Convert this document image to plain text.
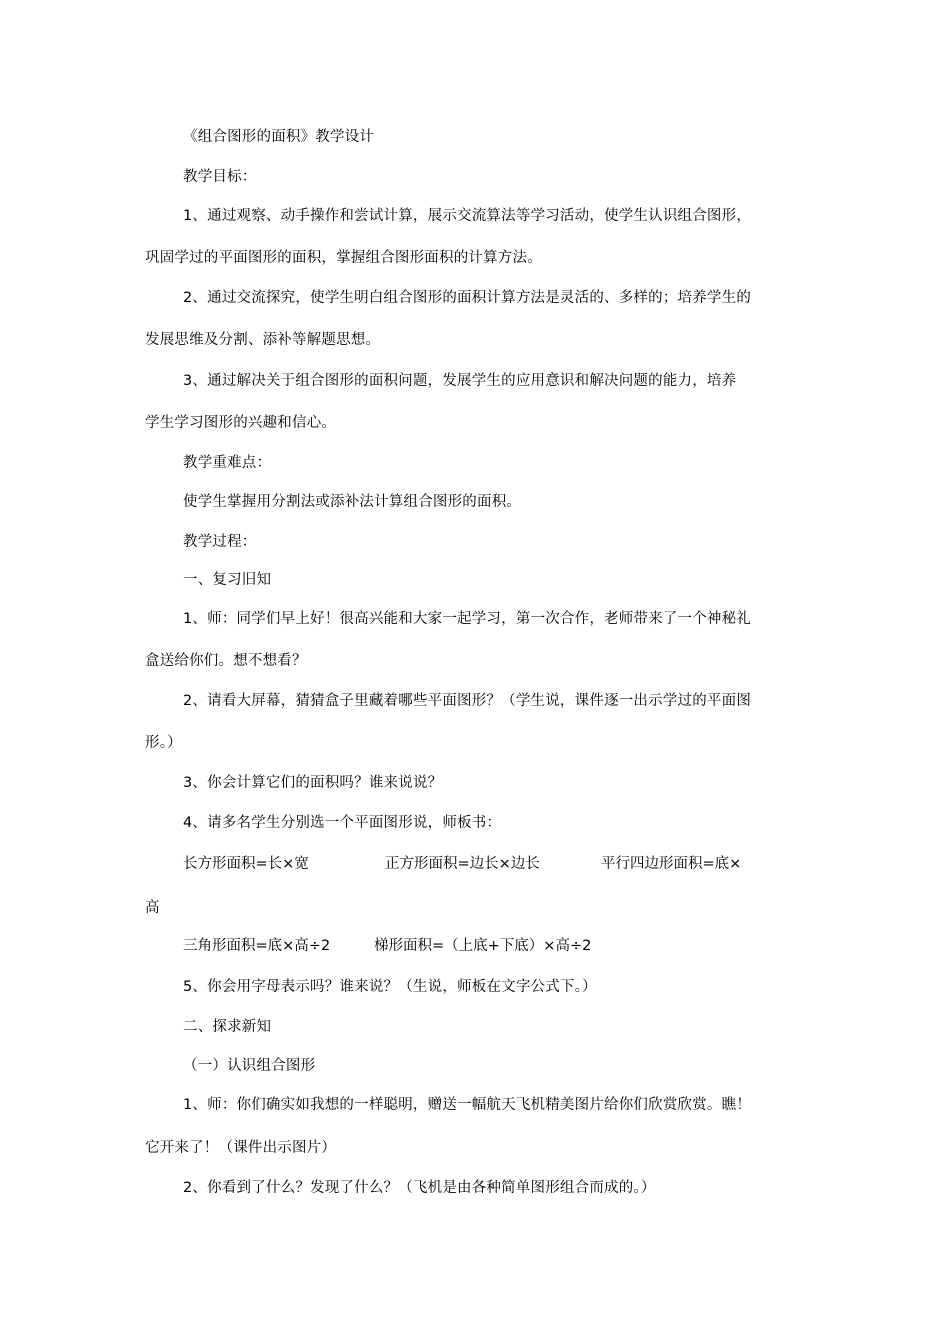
《组合图形的面积》教学设计
教学目标：
1、通过观察、动手操作和尝试计算，展示交流算法等学习活动，使学生认识组合图形，
巩固学过的平面图形的面积，掌握组合图形面积的计算方法。
2、通过交流探究，使学生明白组合图形的面积计算方法是灵活的、多样的；培养学生的
发展思维及分割、添补等解题思想。
3、通过解决关于组合图形的面积问题，发展学生的应用意识和解决问题的能力，培养
学生学习图形的兴趣和信心。
教学重难点：
使学生掌握用分割法或添补法计算组合图形的面积。
教学过程：
一、复习旧知
1、师：同学们早上好！很高兴能和大家一起学习，第一次合作，老师带来了一个神秘礼
盒送给你们。想不想看？
2、请看大屏幕，猜猜盒子里藏着哪些平面图形？（学生说，课件逐一出示学过的平面图
形。）
3、你会计算它们的面积吗？谁来说说？
4、请多名学生分别选一个平面图形说，师板书：
长方形面积=长×宽	正方形面积=边长×边长	平行四边形面积=底×
高
三角形面积=底×高÷2	梯形面积=（上底+下底）×高÷2
5、你会用字母表示吗？谁来说？（生说，师板在文字公式下。）
二、探求新知
（一）认识组合图形
1、师：你们确实如我想的一样聪明，赠送一幅航天飞机精美图片给你们欣赏欣赏。瞧！
它开来了！（课件出示图片）
2、你看到了什么？发现了什么？（飞机是由各种简单图形组合而成的。）
